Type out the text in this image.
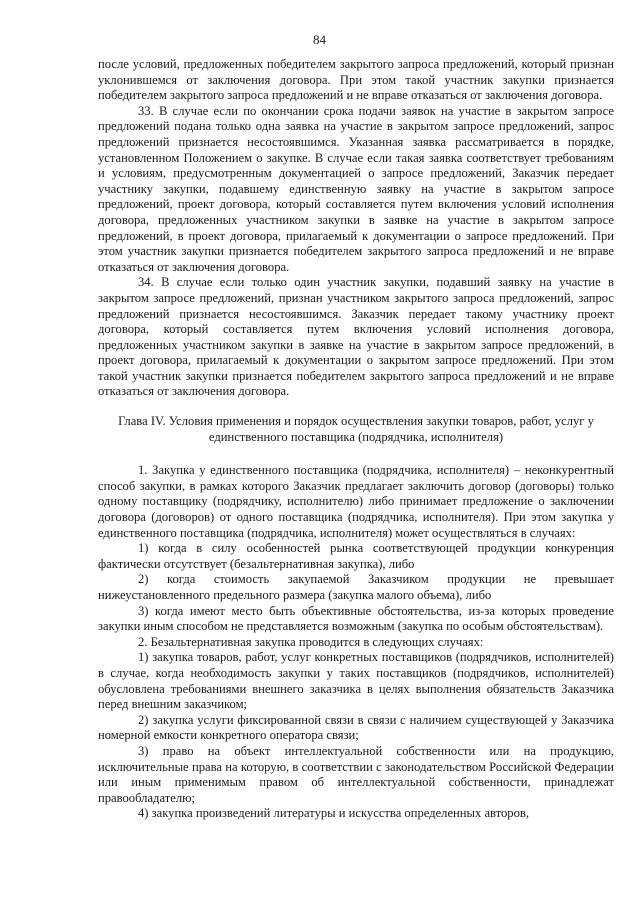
84

после условий, предложенных победителем закрытого запроса предложений, который признан уклонившемся от заключения договора. При этом такой участник закупки признается победителем закрытого запроса предложений и не вправе отказаться от заключения договора.

33. В случае если по окончании срока подачи заявок на участие в закрытом запросе предложений подана только одна заявка на участие в закрытом запросе предложений, запрос предложений признается несостоявшимся. Указанная заявка рассматривается в порядке, установленном Положением о закупке. В случае если такая заявка соответствует требованиям и условиям, предусмотренным документацией о запросе предложений, Заказчик передает участнику закупки, подавшему единственную заявку на участие в закрытом запросе предложений, проект договора, который составляется путем включения условий исполнения договора, предложенных участником закупки в заявке на участие в закрытом запросе предложений, в проект договора, прилагаемый к документации о запросе предложений. При этом участник закупки признается победителем закрытого запроса предложений и не вправе отказаться от заключения договора.

34. В случае если только один участник закупки, подавший заявку на участие в закрытом запросе предложений, признан участником закрытого запроса предложений, запрос предложений признается несостоявшимся. Заказчик передает такому участнику проект договора, который составляется путем включения условий исполнения договора, предложенных участником закупки в заявке на участие в закрытом запросе предложений, в проект договора, прилагаемый к документации о закрытом запросе предложений. При этом такой участник закупки признается победителем закрытого запроса предложений и не вправе отказаться от заключения договора.

Глава IV. Условия применения и порядок осуществления закупки товаров, работ, услуг у единственного поставщика (подрядчика, исполнителя)

1. Закупка у единственного поставщика (подрядчика, исполнителя) – неконкурентный способ закупки, в рамках которого Заказчик предлагает заключить договор (договоры) только одному поставщику (подрядчику, исполнителю) либо принимает предложение о заключении договора (договоров) от одного поставщика (подрядчика, исполнителя). При этом закупка у единственного поставщика (подрядчика, исполнителя) может осуществляться в случаях:

1) когда в силу особенностей рынка соответствующей продукции конкуренция фактически отсутствует (безальтернативная закупка), либо

2) когда стоимость закупаемой Заказчиком продукции не превышает нижеустановленного предельного размера (закупка малого объема), либо

3) когда имеют место быть объективные обстоятельства, из-за которых проведение закупки иным способом не представляется возможным (закупка по особым обстоятельствам).

2. Безальтернативная закупка проводится в следующих случаях:

1) закупка товаров, работ, услуг конкретных поставщиков (подрядчиков, исполнителей) в случае, когда необходимость закупки у таких поставщиков (подрядчиков, исполнителей) обусловлена требованиями внешнего заказчика в целях выполнения обязательств Заказчика перед внешним заказчиком;

2) закупка услуги фиксированной связи в связи с наличием существующей у Заказчика номерной емкости конкретного оператора связи;

3) право на объект интеллектуальной собственности или на продукцию, исключительные права на которую, в соответствии с законодательством Российской Федерации или иным применимым правом об интеллектуальной собственности, принадлежат правообладателю;

4) закупка произведений литературы и искусства определенных авторов,
